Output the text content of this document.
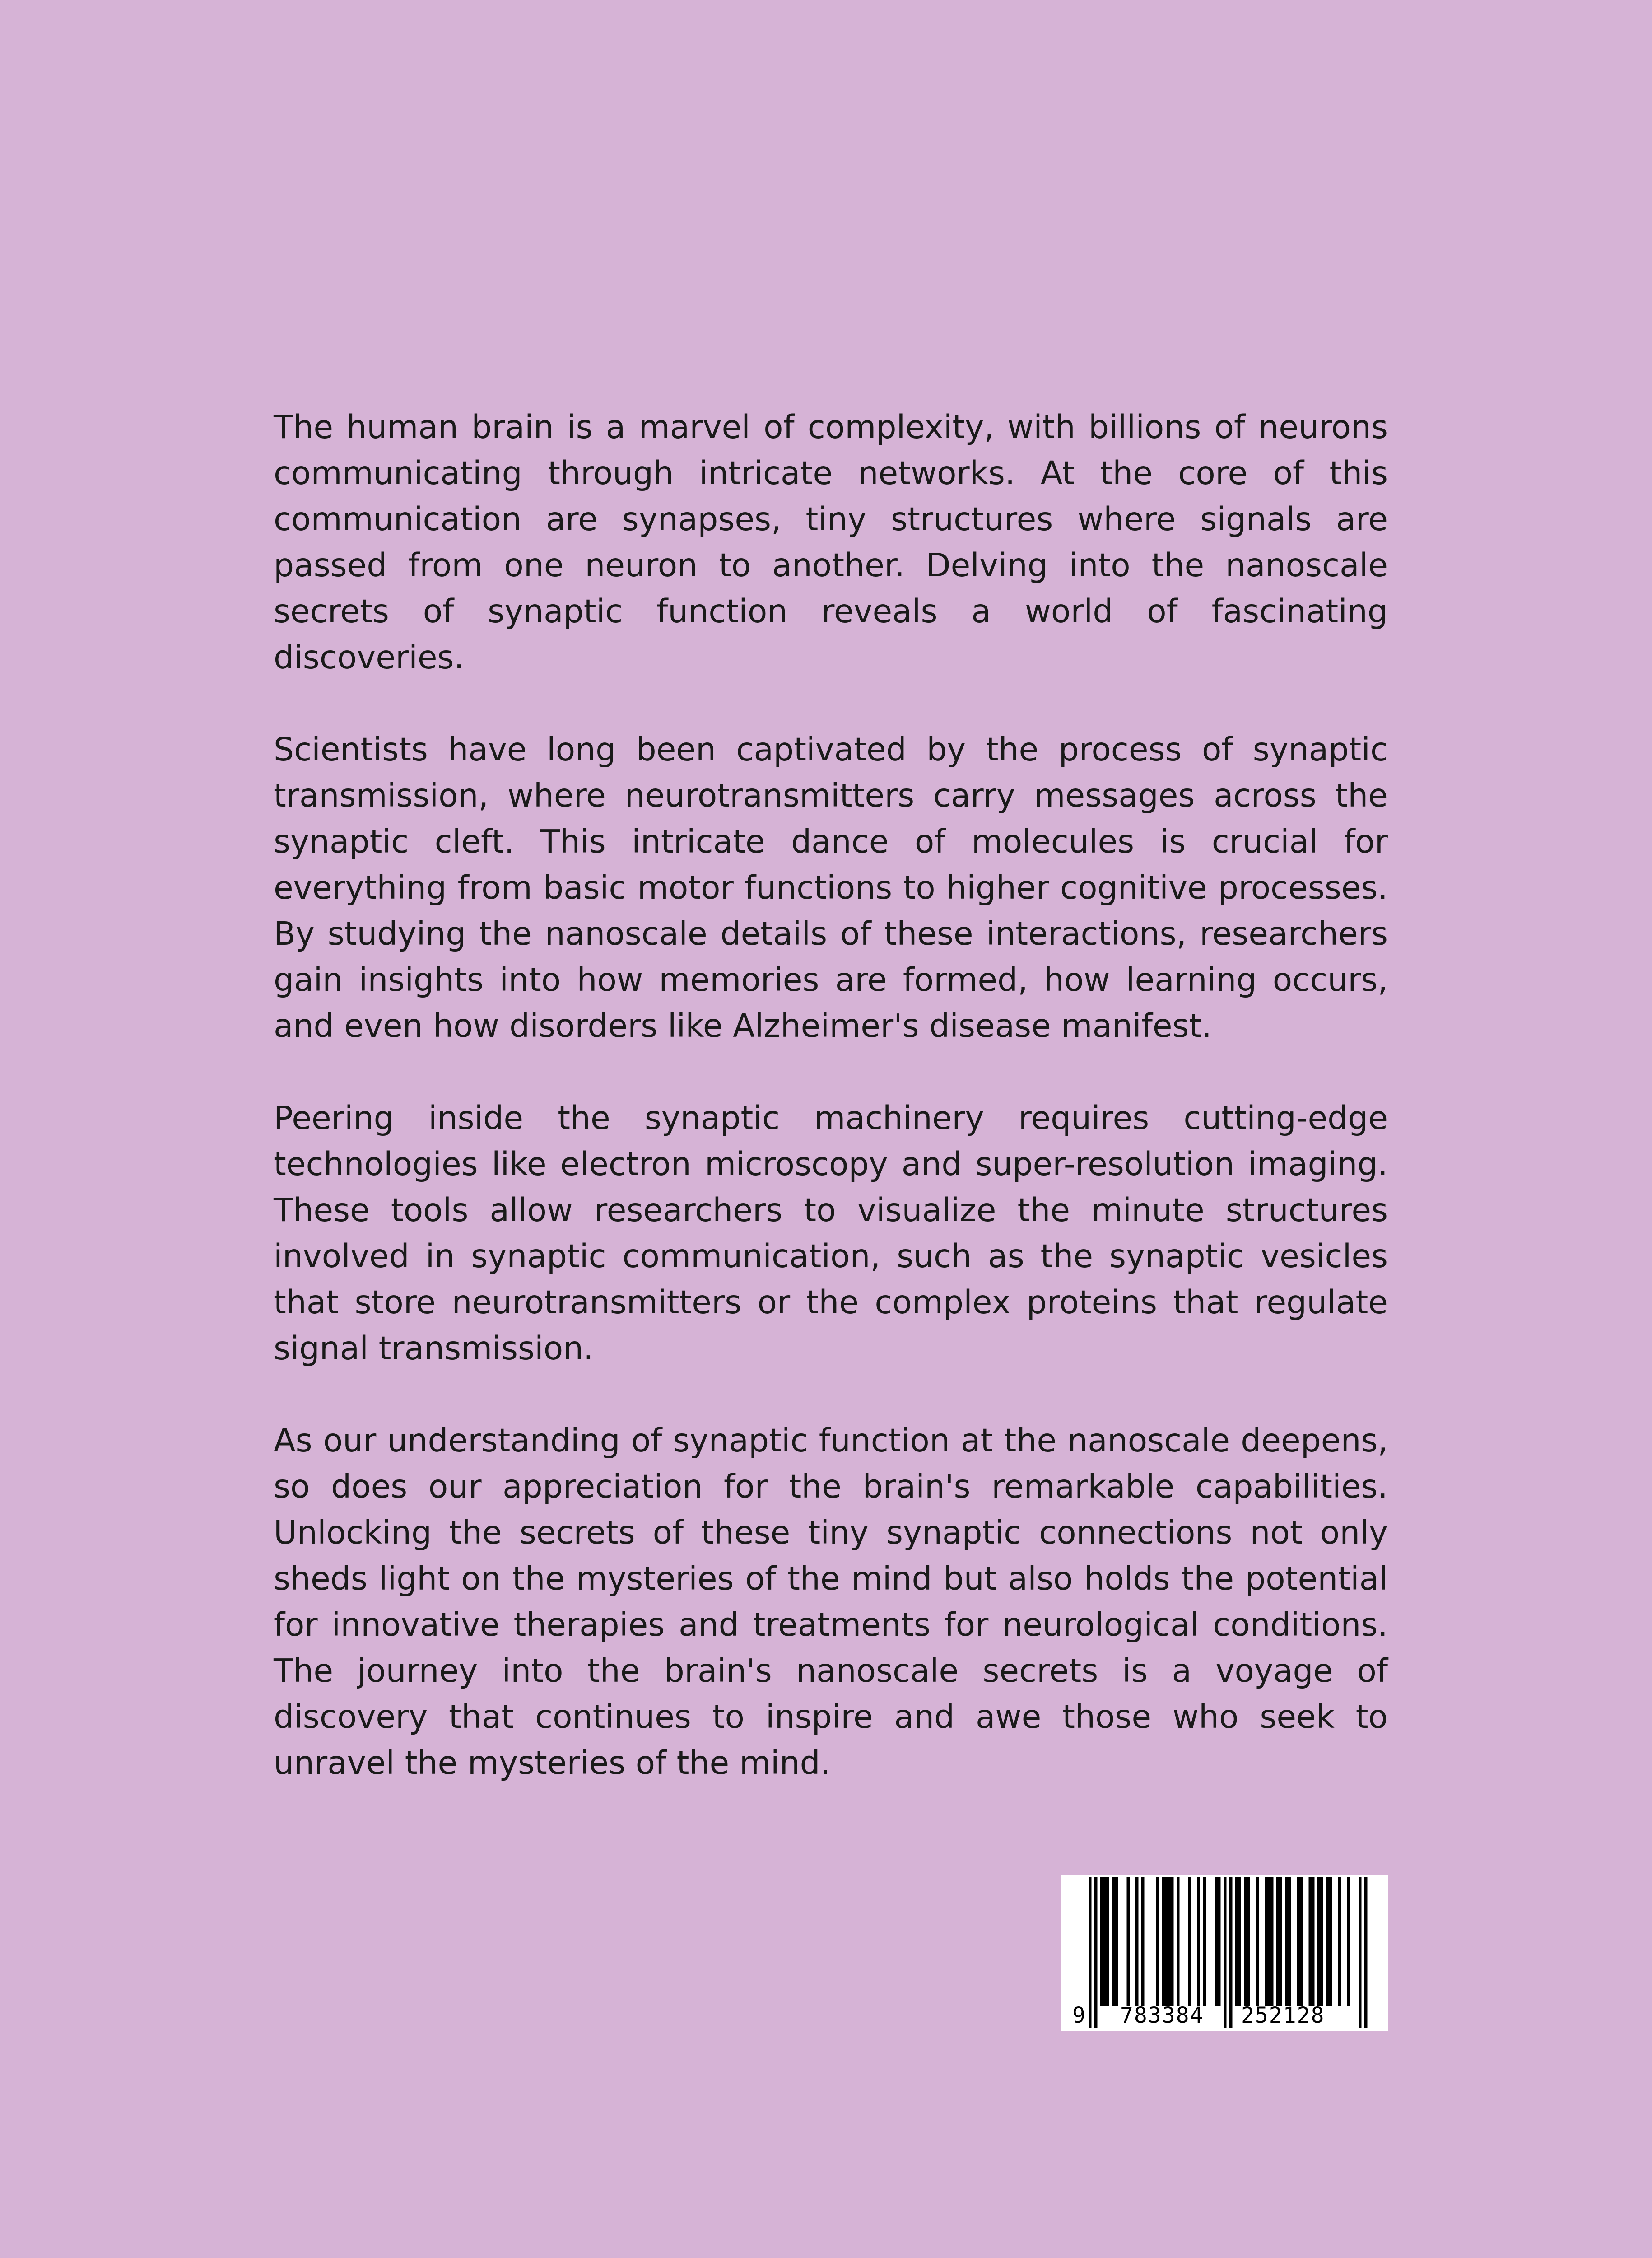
The human brain is a marvel of complexity, with billions of neurons communicating through intricate networks. At the core of this communication are synapses, tiny structures where signals are passed from one neuron to another. Delving into the nanoscale secrets of synaptic function reveals a world of fascinating discoveries.

Scientists have long been captivated by the process of synaptic transmission, where neurotransmitters carry messages across the synaptic cleft. This intricate dance of molecules is crucial for everything from basic motor functions to higher cognitive processes. By studying the nanoscale details of these interactions, researchers gain insights into how memories are formed, how learning occurs, and even how disorders like Alzheimer's disease manifest.

Peering inside the synaptic machinery requires cutting-edge technologies like electron microscopy and super-resolution imaging. These tools allow researchers to visualize the minute structures involved in synaptic communication, such as the synaptic vesicles that store neurotransmitters or the complex proteins that regulate signal transmission.

As our understanding of synaptic function at the nanoscale deepens, so does our appreciation for the brain's remarkable capabilities. Unlocking the secrets of these tiny synaptic connections not only sheds light on the mysteries of the mind but also holds the potential for innovative therapies and treatments for neurological conditions. The journey into the brain's nanoscale secrets is a voyage of discovery that continues to inspire and awe those who seek to unravel the mysteries of the mind.

9 783384 252128
